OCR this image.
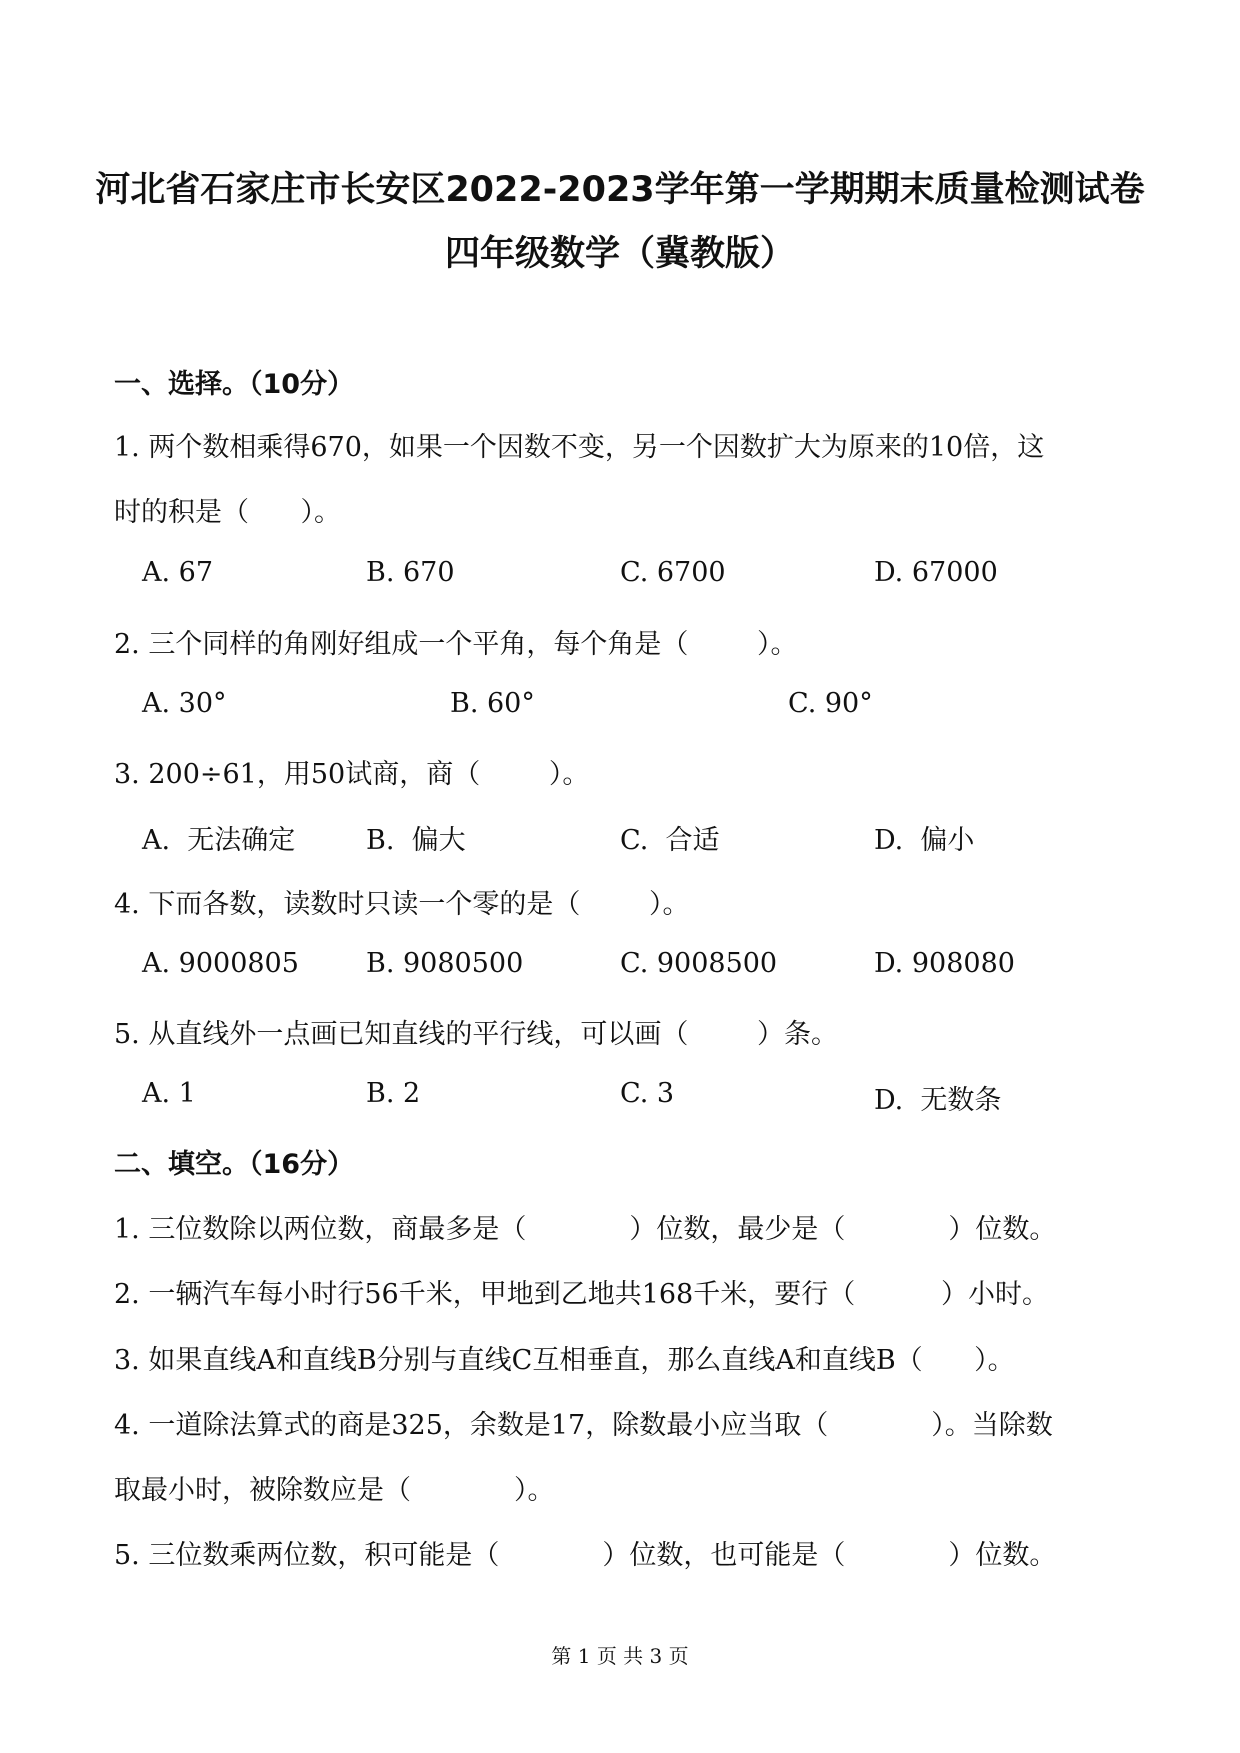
河北省石家庄市长安区2022-2023学年第一学期期末质量检测试卷
四年级数学（冀教版）
一、选择。（10分）
1. 两个数相乘得670，如果一个因数不变，另一个因数扩大为原来的10倍，这
时的积是（      ）。
A. 67	B. 670	C. 6700	D. 67000
2. 三个同样的角刚好组成一个平角，每个角是（        ）。
A. 30°	B. 60°	C. 90°
3. 200÷61，用50试商，商（        ）。
A.  无法确定	B.  偏大	C.  合适	D.  偏小
4. 下而各数，读数时只读一个零的是（        ）。
A. 9000805 B. 9080500	C. 9008500	D. 908080
5. 从直线外一点画已知直线的平行线，可以画（        ）条。
A. 1	B. 2	C. 3	D.  无数条
二、填空。（16分）
1. 三位数除以两位数，商最多是（            ）位数，最少是（            ）位数。
2. 一辆汽车每小时行56千米，甲地到乙地共168千米，要行（          ）小时。
3. 如果直线A和直线B分别与直线C互相垂直，那么直线A和直线B（      ）。
4. 一道除法算式的商是325，余数是17，除数最小应当取（            ）。当除数
取最小时，被除数应是（            ）。
5. 三位数乘两位数，积可能是（            ）位数，也可能是（            ）位数。
第 1 页 共 3 页
